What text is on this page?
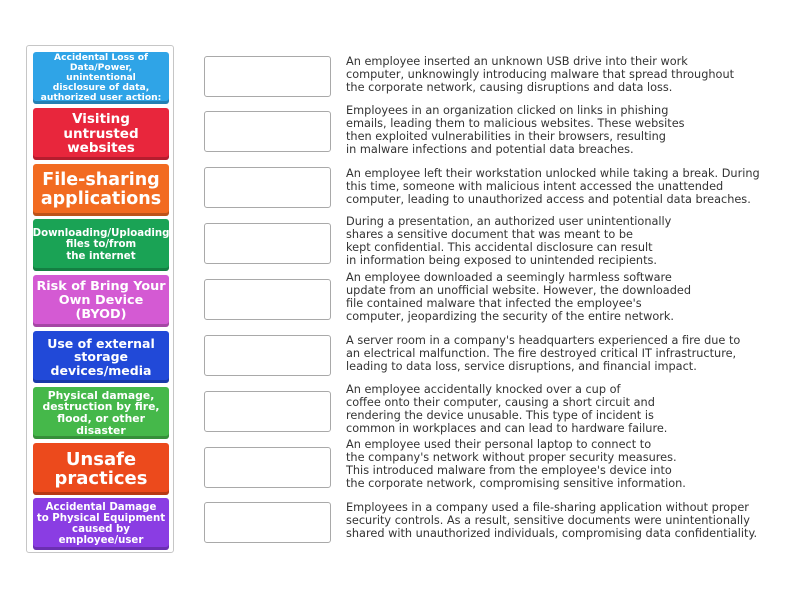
Accidental Loss of
Data/Power, unintentional
disclosure of data,
authorized user action:
Visiting untrusted
websites
File-sharing
applications
Downloading/Uploading
files to/from
the internet
Risk of Bring Your
Own Device (BYOD)
Use of external
storage
devices/media
Physical damage,
destruction by fire,
flood, or other disaster
Unsafe
practices
Accidental Damage
to Physical Equipment
caused by employee/user
An employee inserted an unknown USB drive into their work
computer, unknowingly introducing malware that spread throughout
the corporate network, causing disruptions and data loss.
Employees in an organization clicked on links in phishing
emails, leading them to malicious websites. These websites
then exploited vulnerabilities in their browsers, resulting
in malware infections and potential data breaches.
An employee left their workstation unlocked while taking a break. During
this time, someone with malicious intent accessed the unattended
computer, leading to unauthorized access and potential data breaches.
During a presentation, an authorized user unintentionally
shares a sensitive document that was meant to be
kept confidential. This accidental disclosure can result
in information being exposed to unintended recipients.
An employee downloaded a seemingly harmless software
update from an unofficial website. However, the downloaded
file contained malware that infected the employee's
computer, jeopardizing the security of the entire network.
A server room in a company's headquarters experienced a fire due to
an electrical malfunction. The fire destroyed critical IT infrastructure,
leading to data loss, service disruptions, and financial impact.
An employee accidentally knocked over a cup of
coffee onto their computer, causing a short circuit and
rendering the device unusable. This type of incident is
common in workplaces and can lead to hardware failure.
An employee used their personal laptop to connect to
the company's network without proper security measures.
This introduced malware from the employee's device into
the corporate network, compromising sensitive information.
Employees in a company used a file-sharing application without proper
security controls. As a result, sensitive documents were unintentionally
shared with unauthorized individuals, compromising data confidentiality.
